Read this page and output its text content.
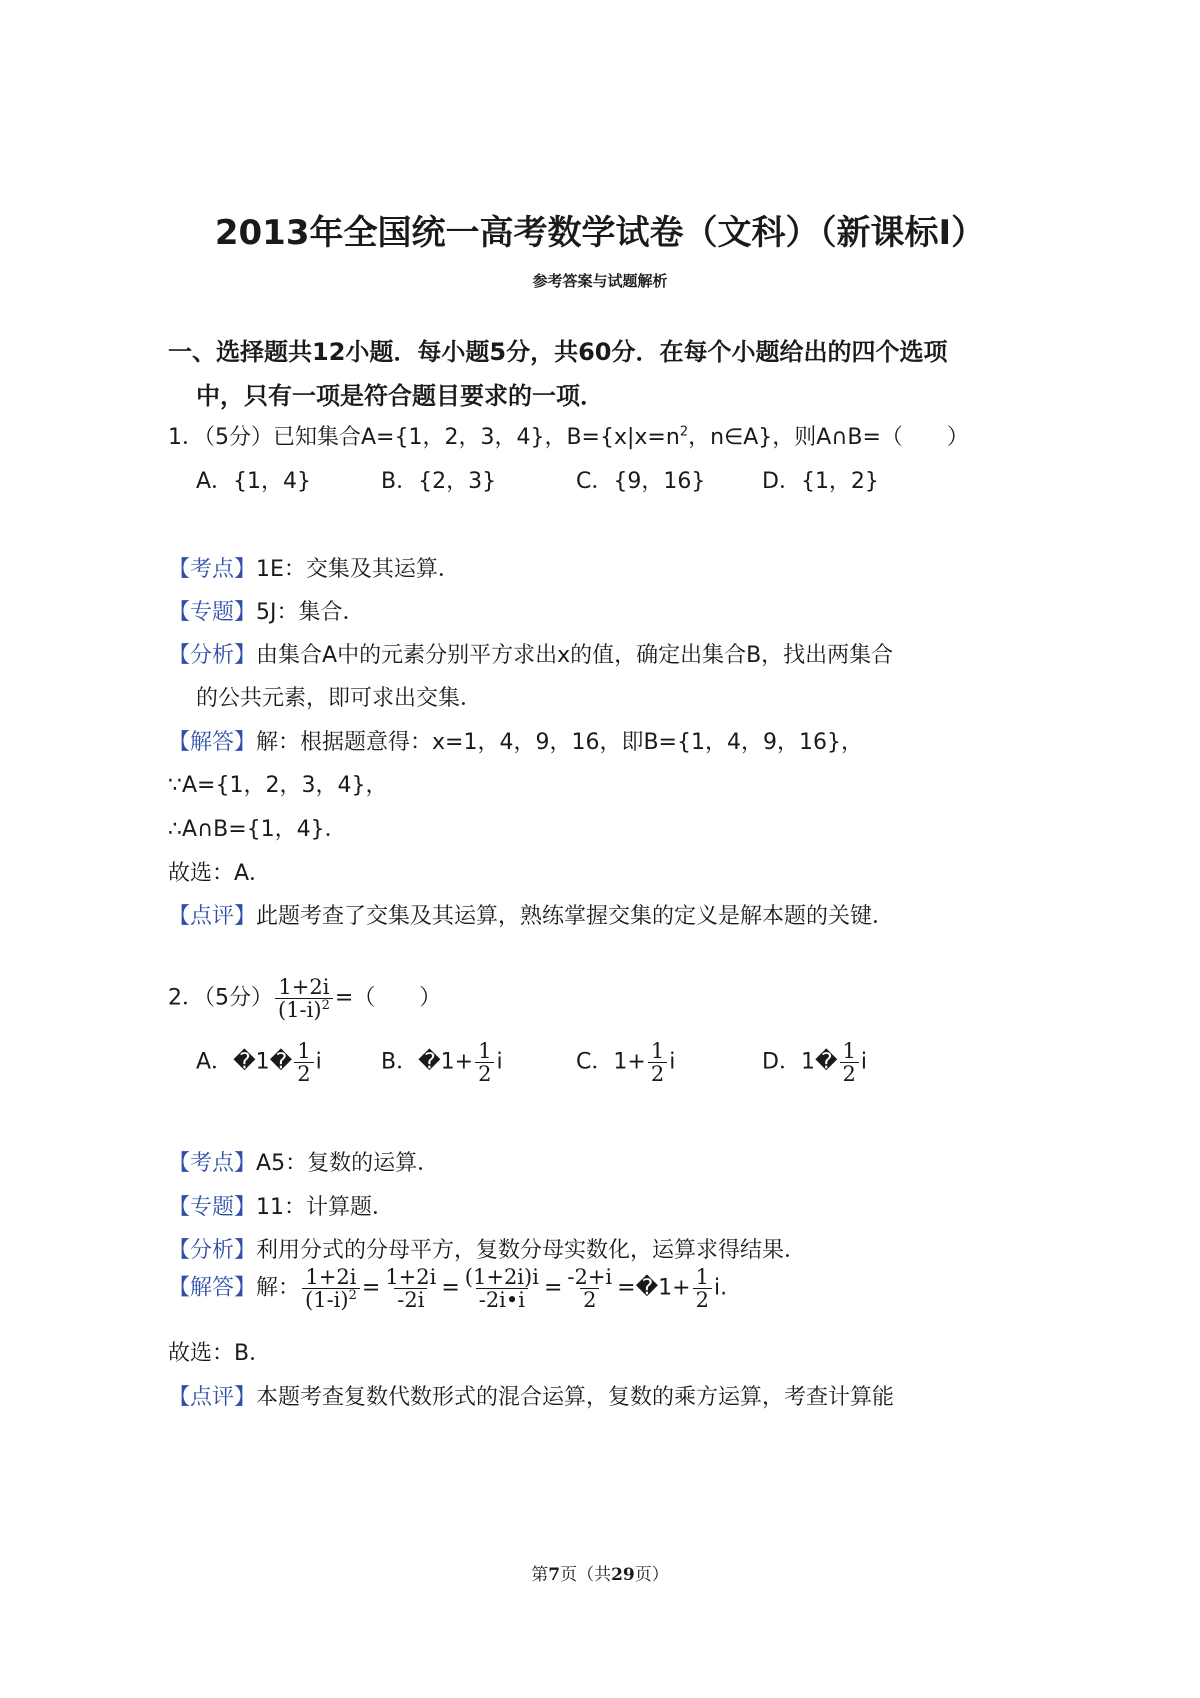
2013年全国统一高考数学试卷（文科）（新课标Ⅰ）
参考答案与试题解析
一、选择题共12小题．每小题5分，共60分．在每个小题给出的四个选项
中，只有一项是符合题目要求的一项．
1．（5分）已知集合A={1，2，3，4}，$B=\{x|x=n^2$，n∈A}，则A∩B=（　　）
A．{1，4}	B．{2，3}	C．{9，16}	D．{1，2}
【考点】1E：交集及其运算．
【专题】5J：集合．
【分析】由集合A中的元素分别平方求出x的值，确定出集合B，找出两集合
的公共元素，即可求出交集．
【解答】解：根据题意得：x=1，4，9，16，即B={1，4，9，16}，
∵A={1，2，3，4}，
∴A∩B={1，4}．
故选：A．
【点评】此题考查了交集及其运算，熟练掌握交集的定义是解本题的关键．
2．（5分） $\frac{1+2i}{(1-i)^2}$ =（　　）
A．�1� $\frac{1}{2}$ i	B．�1+ $\frac{1}{2}$ i	C．$1+ \frac{1}{2}$ i	D．1� $\frac{1}{2}$ i
【考点】A5：复数的运算．
【专题】11：计算题．
【分析】利用分式的分母平方，复数分母实数化，运算求得结果．
【解答】解： $\frac{1+2i}{(1-i)^2} = \frac{1+2i}{-2i} = \frac{(1+2i)i}{-2i•i} = \frac{-2+i}{2}$ =�1+ $\frac{1}{2} i$.
故选：B．
【点评】本题考查复数代数形式的混合运算，复数的乘方运算，考查计算能
第7页（共29页）
